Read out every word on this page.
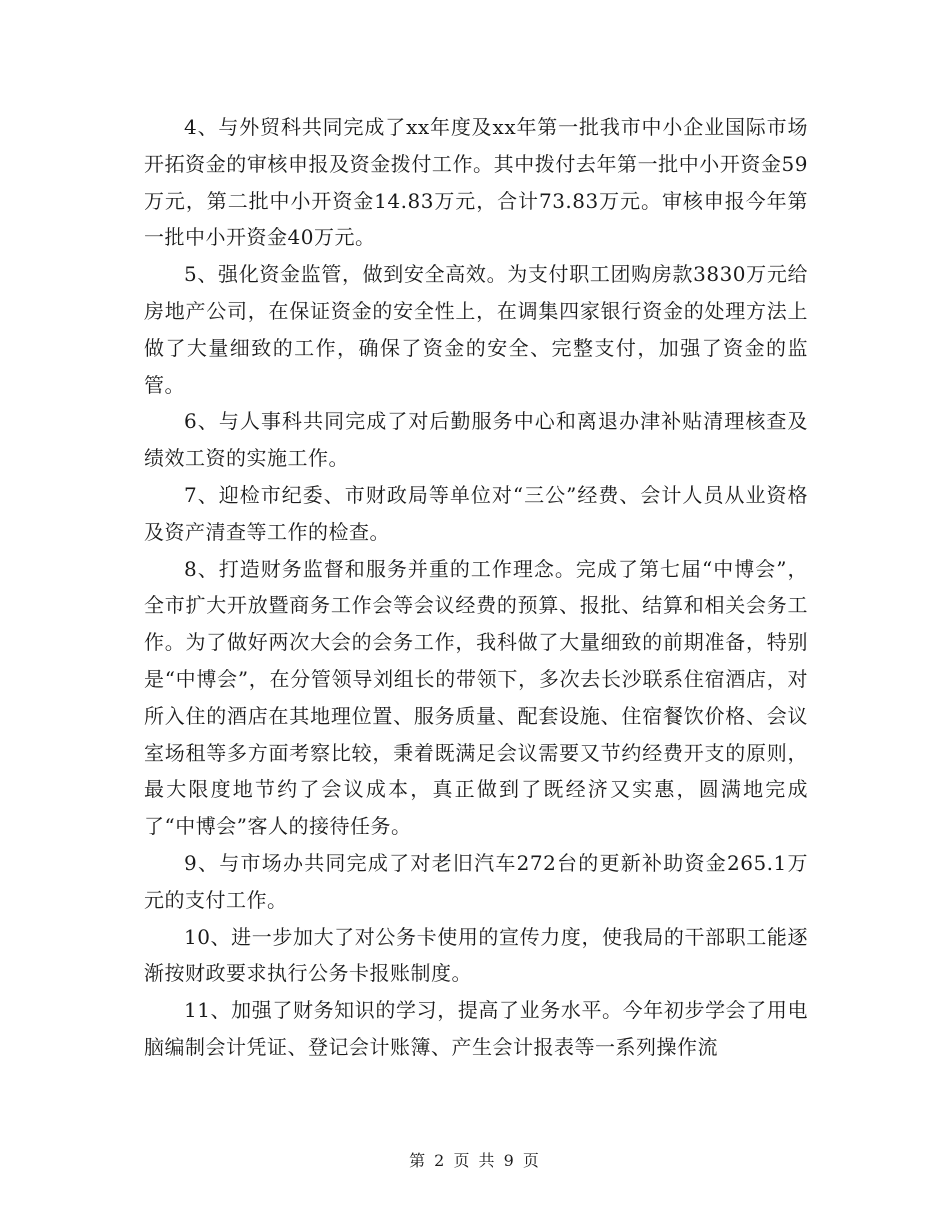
4、与外贸科共同完成了xx年度及xx年第一批我市中小企业国际市场开拓资金的审核申报及资金拨付工作。其中拨付去年第一批中小开资金59万元，第二批中小开资金14.83万元，合计73.83万元。审核申报今年第一批中小开资金40万元。

5、强化资金监管，做到安全高效。为支付职工团购房款3830万元给房地产公司，在保证资金的安全性上，在调集四家银行资金的处理方法上做了大量细致的工作，确保了资金的安全、完整支付，加强了资金的监管。

6、与人事科共同完成了对后勤服务中心和离退办津补贴清理核查及绩效工资的实施工作。

7、迎检市纪委、市财政局等单位对“三公”经费、会计人员从业资格及资产清查等工作的检查。

8、打造财务监督和服务并重的工作理念。完成了第七届“中博会”，全市扩大开放暨商务工作会等会议经费的预算、报批、结算和相关会务工作。为了做好两次大会的会务工作，我科做了大量细致的前期准备，特别是“中博会”，在分管领导刘组长的带领下，多次去长沙联系住宿酒店，对所入住的酒店在其地理位置、服务质量、配套设施、住宿餐饮价格、会议室场租等多方面考察比较，秉着既满足会议需要又节约经费开支的原则，最大限度地节约了会议成本，真正做到了既经济又实惠，圆满地完成了“中博会”客人的接待任务。

9、与市场办共同完成了对老旧汽车272台的更新补助资金265.1万元的支付工作。

10、进一步加大了对公务卡使用的宣传力度，使我局的干部职工能逐渐按财政要求执行公务卡报账制度。

11、加强了财务知识的学习，提高了业务水平。今年初步学会了用电脑编制会计凭证、登记会计账簿、产生会计报表等一系列操作流

第 2 页 共 9 页
